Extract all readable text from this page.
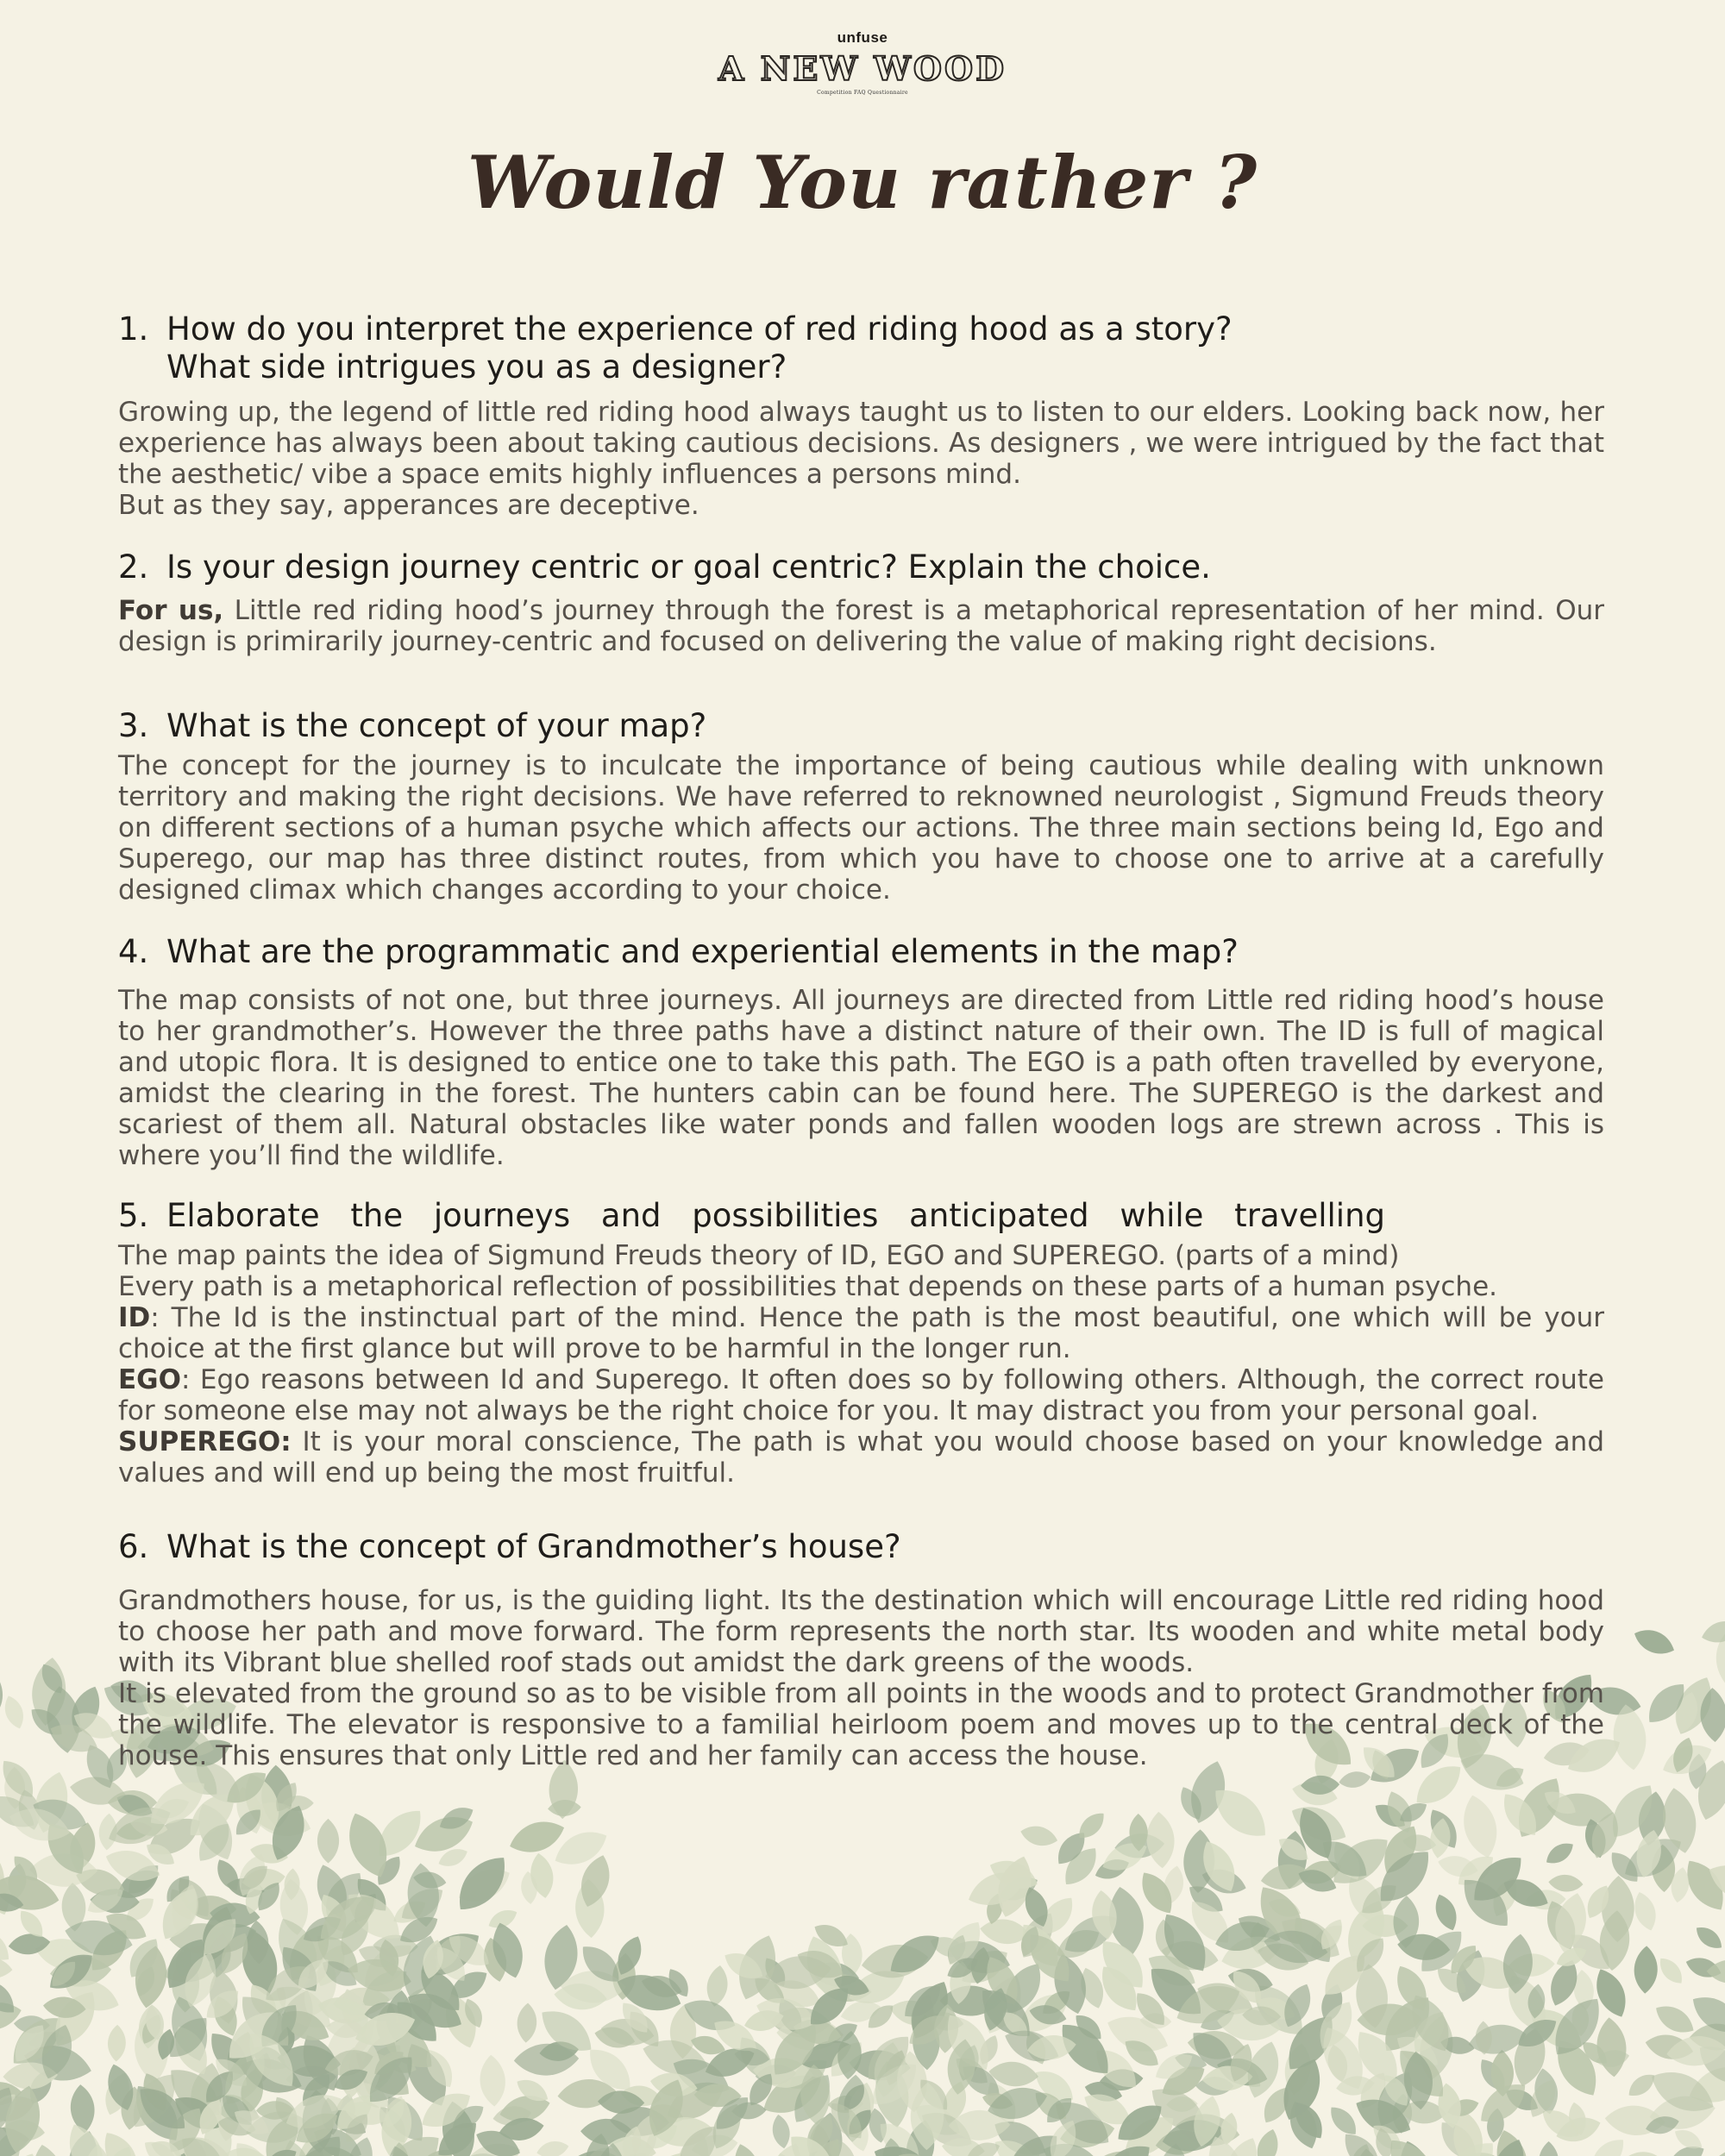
unfuse
A NEW WOOD
Competition FAQ Questionnaire
Would You rather ?
1. How do you interpret the experience of red riding hood as a story?
What side intrigues you as a designer?

Growing up, the legend of little red riding hood always taught us to listen to our elders. Looking back now, her experience has always been about taking cautious decisions. As designers , we were intrigued by the fact that the aesthetic/ vibe a space emits highly influences a persons mind.

But as they say, apperances are deceptive.

2. Is your design journey centric or goal centric? Explain the choice.

For us, Little red riding hood’s journey through the forest is a metaphorical representation of her mind. Our design is primirarily journey-centric and focused on delivering the value of making right decisions.

3. What is the concept of your map?

The concept for the journey is to inculcate the importance of being cautious while dealing with unknown territory and making the right decisions. We have referred to reknowned neurologist , Sigmund Freuds theory on different sections of a human psyche which affects our actions. The three main sections being Id, Ego and Superego, our map has three distinct routes, from which you have to choose one to arrive at a carefully designed climax which changes according to your choice.

4. What are the programmatic and experiential elements in the map?

The map consists of not one, but three journeys. All journeys are directed from Little red riding hood’s house to her grandmother’s. However the three paths have a distinct nature of their own. The ID is full of magical and utopic flora. It is designed to entice one to take this path. The EGO is a path often travelled by everyone, amidst the clearing in the forest. The hunters cabin can be found here. The SUPEREGO is the darkest and scariest of them all. Natural obstacles like water ponds and fallen wooden logs are strewn across . This is where you’ll find the wildlife.

5. Elaborate the journeys and possibilities anticipated while travelling

The map paints the idea of Sigmund Freuds theory of ID, EGO and SUPEREGO. (parts of a mind)

Every path is a metaphorical reflection of possibilities that depends on these parts of a human psyche.

ID: The Id is the instinctual part of the mind. Hence the path is the most beautiful, one which will be your choice at the first glance but will prove to be harmful in the longer run.

EGO: Ego reasons between Id and Superego. It often does so by following others. Although, the correct route for someone else may not always be the right choice for you. It may distract you from your personal goal.

SUPEREGO: It is your moral conscience, The path is what you would choose based on your knowledge and values and will end up being the most fruitful.

6. What is the concept of Grandmother’s house?

Grandmothers house, for us, is the guiding light. Its the destination which will encourage Little red riding hood to choose her path and move forward. The form represents the north star. Its wooden and white metal body with its Vibrant blue shelled roof stads out amidst the dark greens of the woods.

It is elevated from the ground so as to be visible from all points in the woods and to protect Grandmother from the wildlife. The elevator is responsive to a familial heirloom poem and moves up to the central deck of the house. This ensures that only Little red and her family can access the house.
